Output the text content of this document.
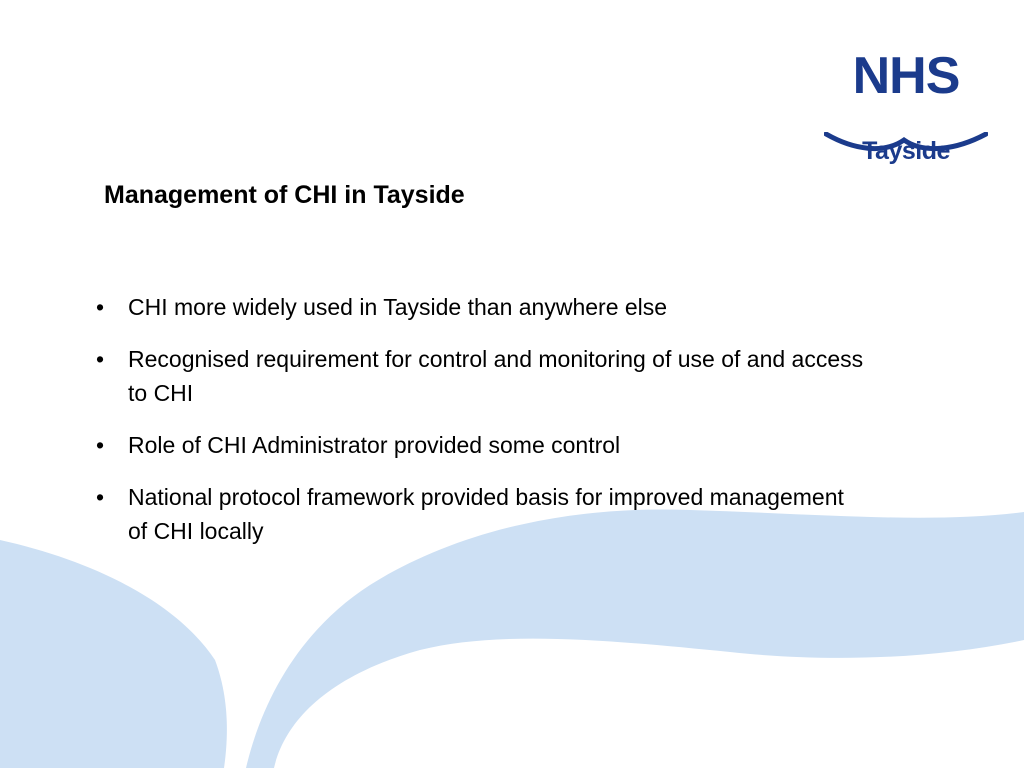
NHS
Tayside
Management of CHI in Tayside
• CHI more widely used in Tayside than anywhere else
• Recognised requirement for control and monitoring of use of and access to CHI
• Role of CHI Administrator provided some control
• National protocol framework provided basis for improved management of CHI locally
